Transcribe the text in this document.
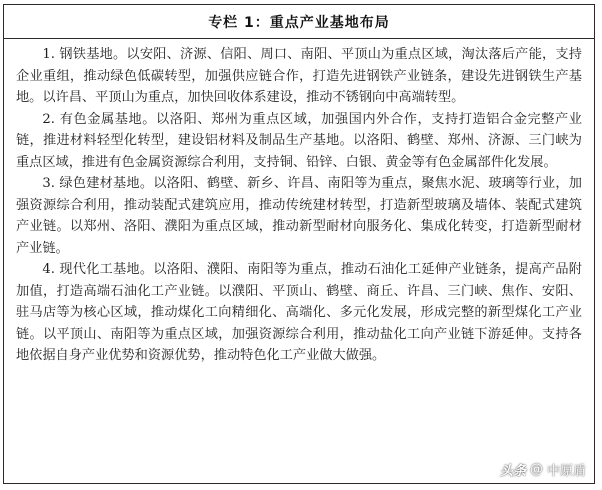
专栏 1：重点产业基地布局

1. 钢铁基地。以安阳、济源、信阳、周口、南阳、平顶山为重点区域，淘汰落后产能，支持企业重组，推动绿色低碳转型，加强供应链合作，打造先进钢铁产业链条，建设先进钢铁生产基地。以许昌、平顶山为重点，加快回收体系建设，推动不锈钢向中高端转型。

2. 有色金属基地。以洛阳、郑州为重点区域，加强国内外合作，支持打造铝合金完整产业链，推进材料轻型化转型，建设铝材料及制品生产基地。以洛阳、鹤壁、郑州、济源、三门峡为重点区域，推进有色金属资源综合利用，支持铜、铅锌、白银、黄金等有色金属部件化发展。

3. 绿色建材基地。以洛阳、鹤壁、新乡、许昌、南阳等为重点，聚焦水泥、玻璃等行业，加强资源综合利用，推动装配式建筑应用，推动传统建材转型，打造新型玻璃及墙体、装配式建筑产业链。以郑州、洛阳、濮阳为重点区域，推动新型耐材向服务化、集成化转变，打造新型耐材产业链。

4. 现代化工基地。以洛阳、濮阳、南阳等为重点，推动石油化工延伸产业链条，提高产品附加值，打造高端石油化工产业链。以濮阳、平顶山、鹤壁、商丘、许昌、三门峡、焦作、安阳、驻马店等为核心区域，推动煤化工向精细化、高端化、多元化发展，形成完整的新型煤化工产业链。以平顶山、南阳等为重点区域，加强资源综合利用，推动盐化工向产业链下游延伸。支持各地依据自身产业优势和资源优势，推动特色化工产业做大做强。

头条 @ 中原盾
